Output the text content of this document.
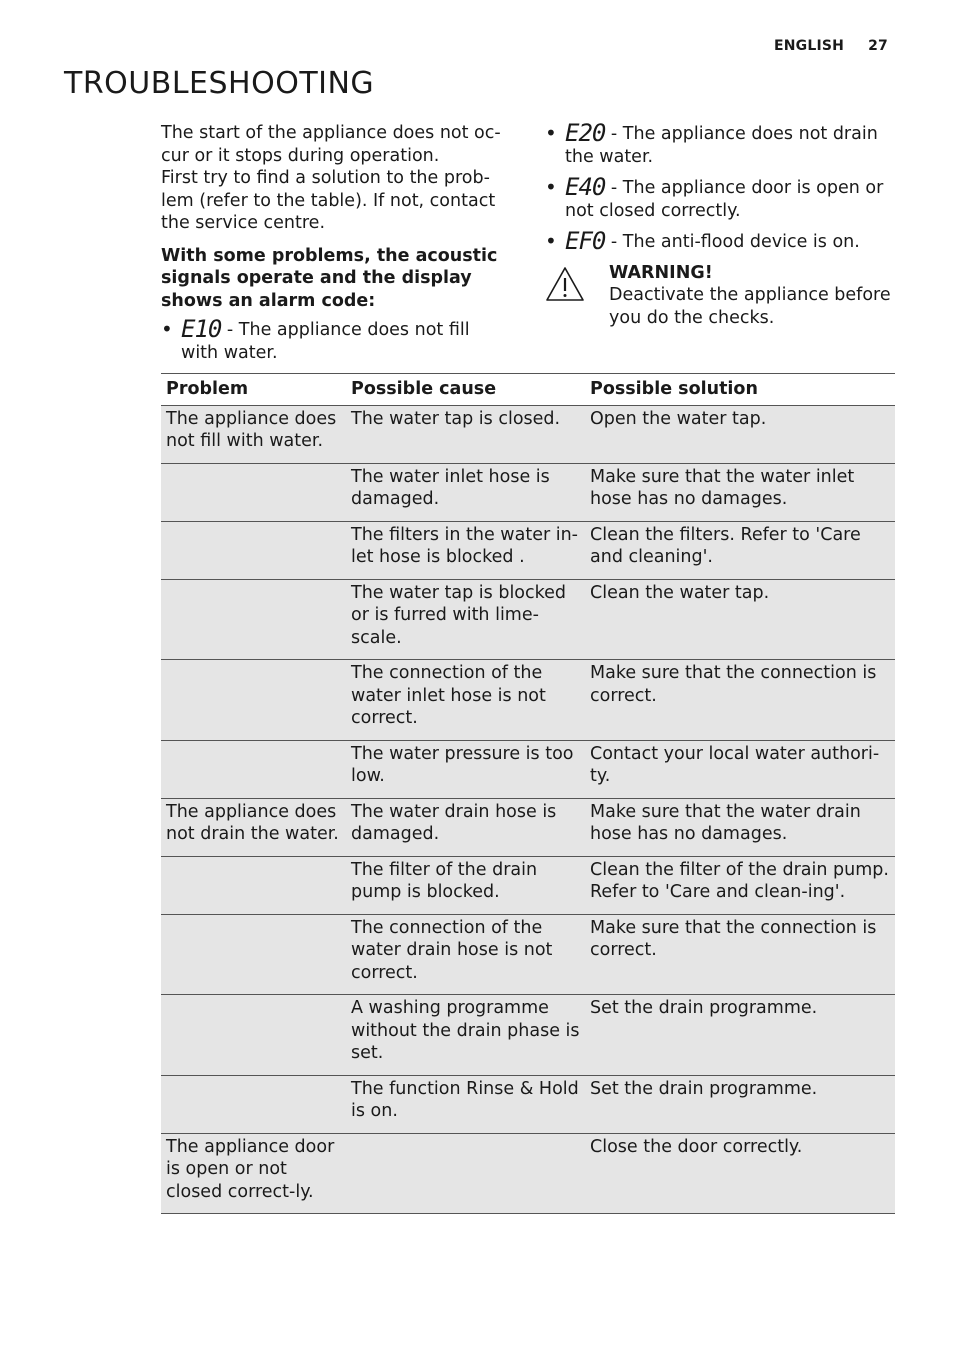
ENGLISH 27
TROUBLESHOOTING

The start of the appliance does not oc-cur or it stops during operation.

First try to find a solution to the prob-lem (refer to the table). If not, contact the service centre.

With some problems, the acoustic signals operate and the display shows an alarm code:

• E10 - The appliance does not fill with water.
• E20 - The appliance does not drain the water.
• E40 - The appliance door is open or not closed correctly.
• EF0 - The anti-flood device is on.
WARNING!
Deactivate the appliance before you do the checks.
Problem	Possible cause	Possible solution
The appliance does not fill with water.	The water tap is closed.	Open the water tap.
	The water inlet hose is damaged.	Make sure that the water inlet hose has no damages.
	The filters in the water in-let hose is blocked .	Clean the filters. Refer to 'Care and cleaning'.
	The water tap is blocked or is furred with lime-scale.	Clean the water tap.
	The connection of the water inlet hose is not correct.	Make sure that the connection is correct.
	The water pressure is too low.	Contact your local water authori-ty.
The appliance does not drain the water.	The water drain hose is damaged.	Make sure that the water drain hose has no damages.
	The filter of the drain pump is blocked.	Clean the filter of the drain pump. Refer to 'Care and clean-ing'.
	The connection of the water drain hose is not correct.	Make sure that the connection is correct.
	A washing programme without the drain phase is set.	Set the drain programme.
	The function Rinse & Hold is on.	Set the drain programme.
The appliance door is open or not closed correct-ly.		Close the door correctly.
